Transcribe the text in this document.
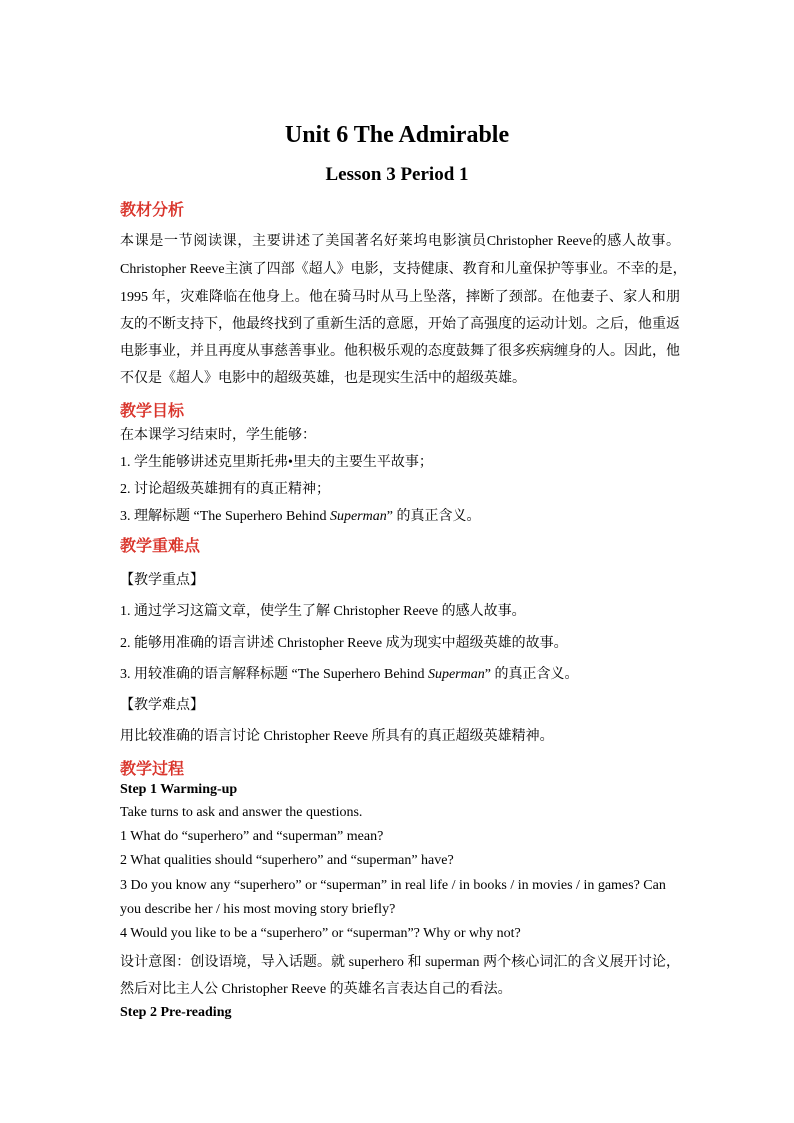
Unit 6 The Admirable
Lesson 3 Period 1
教材分析
本课是一节阅读课，主要讲述了美国著名好莱坞电影演员Christopher Reeve的感人故事。
Christopher Reeve主演了四部《超人》电影，支持健康、教育和儿童保护等事业。不幸的是，
1995 年，灾难降临在他身上。他在骑马时从马上坠落，摔断了颈部。在他妻子、家人和朋
友的不断支持下，他最终找到了重新生活的意愿，开始了高强度的运动计划。之后，他重返
电影事业，并且再度从事慈善事业。他积极乐观的态度鼓舞了很多疾病缠身的人。因此，他
不仅是《超人》电影中的超级英雄，也是现实生活中的超级英雄。
教学目标
在本课学习结束时，学生能够：
1. 学生能够讲述克里斯托弗•里夫的主要生平故事；
2. 讨论超级英雄拥有的真正精神；
3. 理解标题 “The Superhero Behind Superman” 的真正含义。
教学重难点
【教学重点】
1. 通过学习这篇文章，使学生了解 Christopher Reeve 的感人故事。
2. 能够用准确的语言讲述 Christopher Reeve 成为现实中超级英雄的故事。
3. 用较准确的语言解释标题 “The Superhero Behind Superman” 的真正含义。
【教学难点】
用比较准确的语言讨论 Christopher Reeve 所具有的真正超级英雄精神。
教学过程
Step 1 Warming-up
Take turns to ask and answer the questions.
1 What do “superhero” and “superman” mean?
2 What qualities should “superhero” and “superman” have?
3 Do you know any “superhero” or “superman” in real life / in books / in movies / in games? Can
you describe her / his most moving story briefly?
4 Would you like to be a “superhero” or “superman”? Why or why not?
设计意图：创设语境，导入话题。就 superhero 和 superman 两个核心词汇的含义展开讨论，
然后对比主人公 Christopher Reeve 的英雄名言表达自己的看法。
Step 2 Pre-reading
